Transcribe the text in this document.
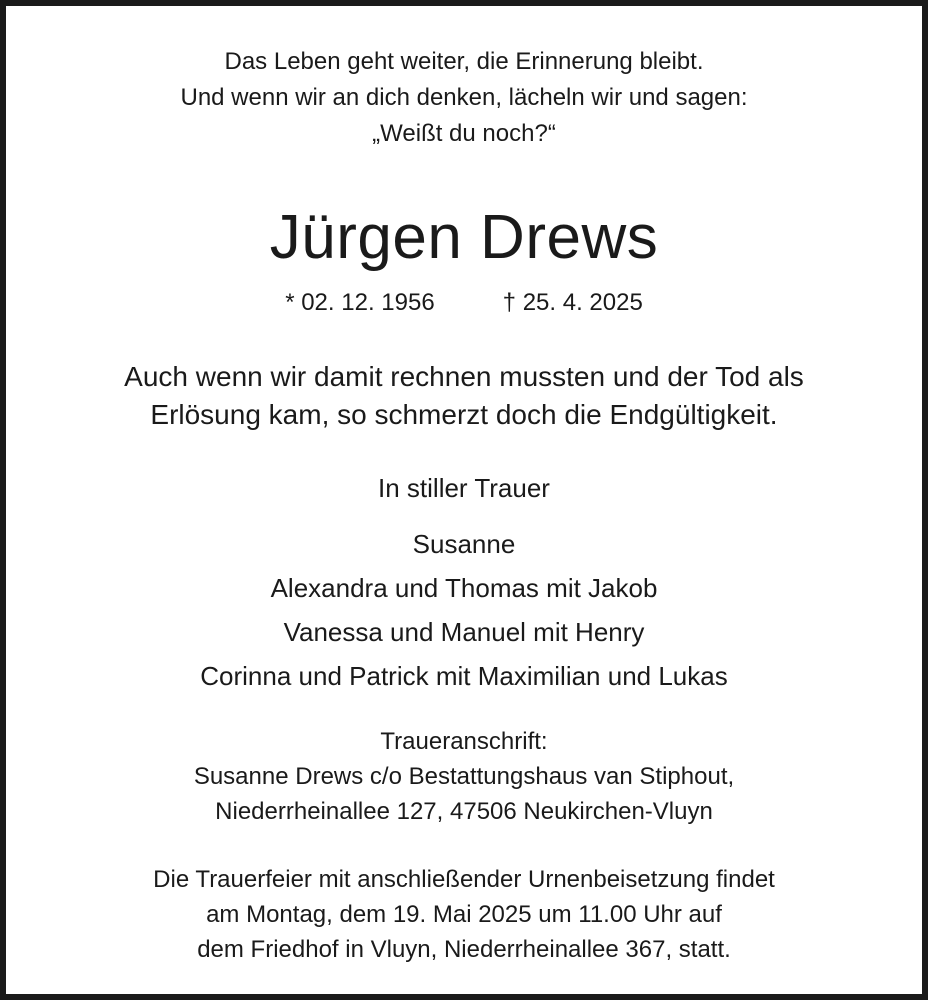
Das Leben geht weiter, die Erinnerung bleibt.
Und wenn wir an dich denken, lächeln wir und sagen:
„Weißt du noch?“
Jürgen Drews
* 02. 12. 1956	† 25. 4. 2025
Auch wenn wir damit rechnen mussten und der Tod als
Erlösung kam, so schmerzt doch die Endgültigkeit.
In stiller Trauer
Susanne
Alexandra und Thomas mit Jakob
Vanessa und Manuel mit Henry
Corinna und Patrick mit Maximilian und Lukas
Traueranschrift:
Susanne Drews c/o Bestattungshaus van Stiphout,
Niederrheinallee 127, 47506 Neukirchen-Vluyn
Die Trauerfeier mit anschließender Urnenbeisetzung findet
am Montag, dem 19. Mai 2025 um 11.00 Uhr auf
dem Friedhof in Vluyn, Niederrheinallee 367, statt.
